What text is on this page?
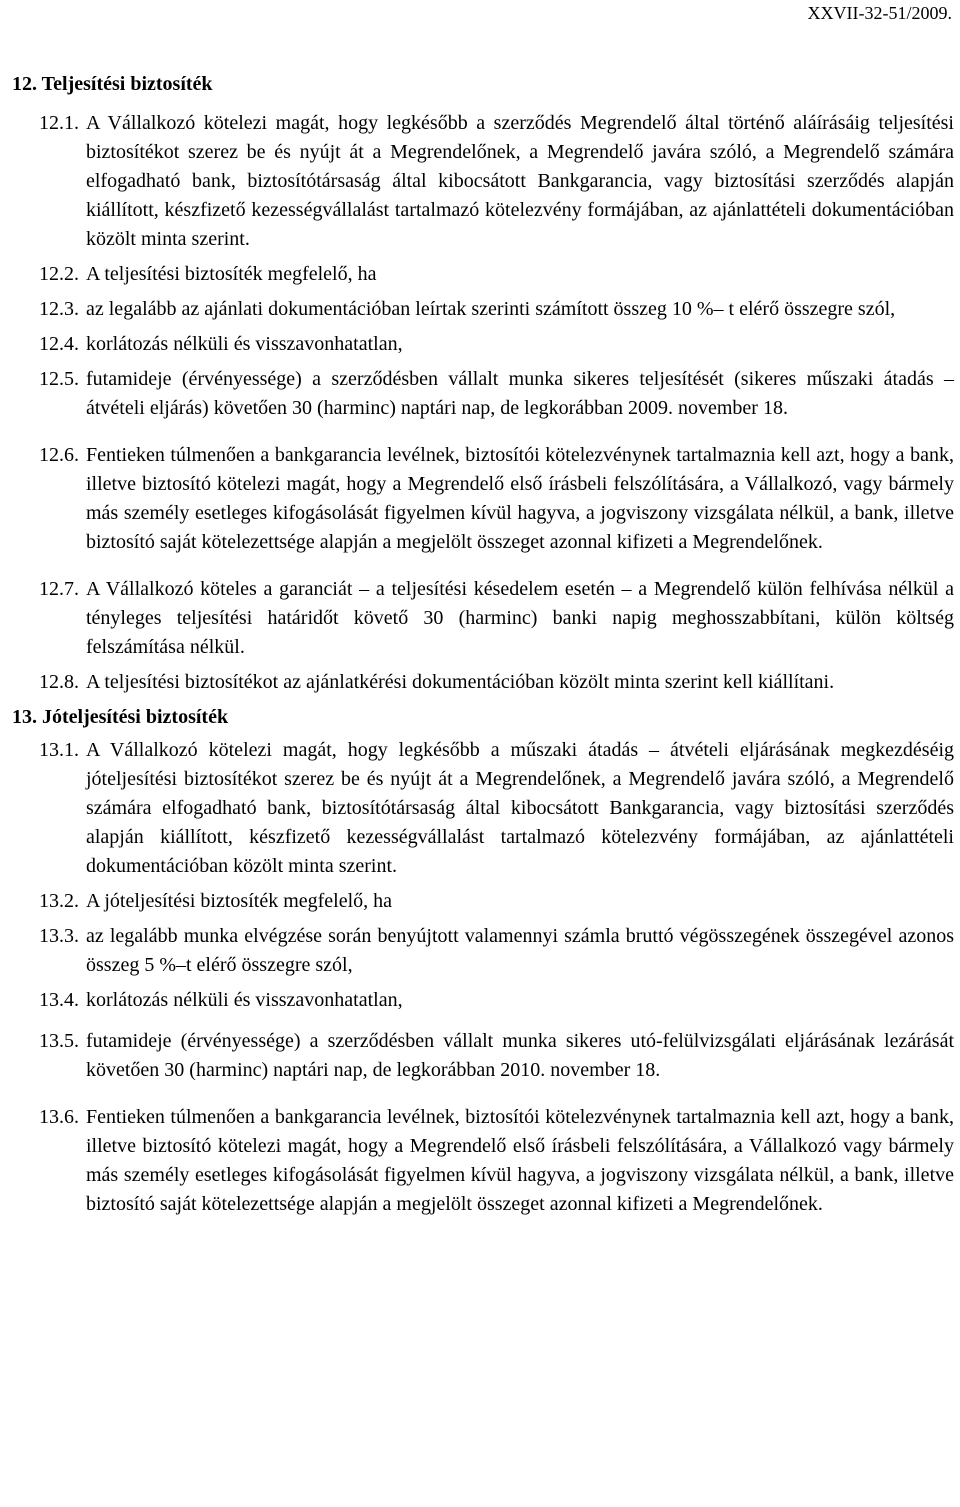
XXVII-32-51/2009.
12. Teljesítési biztosíték
12.1. A Vállalkozó kötelezi magát, hogy legkésőbb a szerződés Megrendelő által történő aláírásáig teljesítési biztosítékot szerez be és nyújt át a Megrendelőnek, a Megrendelő javára szóló, a Megrendelő számára elfogadható bank, biztosítótársaság által kibocsátott Bankgarancia, vagy biztosítási szerződés alapján kiállított, készfizető kezességvállalást tartalmazó kötelezvény formájában, az ajánlattételi dokumentációban közölt minta szerint.
12.2. A teljesítési biztosíték megfelelő, ha
12.3. az legalább az ajánlati dokumentációban leírtak szerinti számított összeg 10 %– t elérő összegre szól,
12.4. korlátozás nélküli és visszavonhatatlan,
12.5. futamideje (érvényessége) a szerződésben vállalt munka sikeres teljesítését (sikeres műszaki átadás – átvételi eljárás) követően 30 (harminc) naptári nap, de legkorábban 2009. november 18.
12.6. Fentieken túlmenően a bankgarancia levélnek, biztosítói kötelezvénynek tartalmaznia kell azt, hogy a bank, illetve biztosító kötelezi magát, hogy a Megrendelő első írásbeli felszólítására, a Vállalkozó, vagy bármely más személy esetleges kifogásolását figyelmen kívül hagyva, a jogviszony vizsgálata nélkül, a bank, illetve biztosító saját kötelezettsége alapján a megjelölt összeget azonnal kifizeti a Megrendelőnek.
12.7. A Vállalkozó köteles a garanciát – a teljesítési késedelem esetén – a Megrendelő külön felhívása nélkül a tényleges teljesítési határidőt követő 30 (harminc) banki napig meghosszabbítani, külön költség felszámítása nélkül.
12.8. A teljesítési biztosítékot az ajánlatkérési dokumentációban közölt minta szerint kell kiállítani.
13. Jóteljesítési biztosíték
13.1. A Vállalkozó kötelezi magát, hogy legkésőbb a műszaki átadás – átvételi eljárásának megkezdéséig jóteljesítési biztosítékot szerez be és nyújt át a Megrendelőnek, a Megrendelő javára szóló, a Megrendelő számára elfogadható bank, biztosítótársaság által kibocsátott Bankgarancia, vagy biztosítási szerződés alapján kiállított, készfizető kezességvállalást tartalmazó kötelezvény formájában, az ajánlattételi dokumentációban közölt minta szerint.
13.2. A jóteljesítési biztosíték megfelelő, ha
13.3. az legalább munka elvégzése során benyújtott valamennyi számla bruttó végösszegének összegével azonos összeg 5 %–t elérő összegre szól,
13.4. korlátozás nélküli és visszavonhatatlan,
13.5. futamideje (érvényessége) a szerződésben vállalt munka sikeres utó-felülvizsgálati eljárásának lezárását követően 30 (harminc) naptári nap, de legkorábban 2010. november 18.
13.6. Fentieken túlmenően a bankgarancia levélnek, biztosítói kötelezvénynek tartalmaznia kell azt, hogy a bank, illetve biztosító kötelezi magát, hogy a Megrendelő első írásbeli felszólítására, a Vállalkozó vagy bármely más személy esetleges kifogásolását figyelmen kívül hagyva, a jogviszony vizsgálata nélkül, a bank, illetve biztosító saját kötelezettsége alapján a megjelölt összeget azonnal kifizeti a Megrendelőnek.
